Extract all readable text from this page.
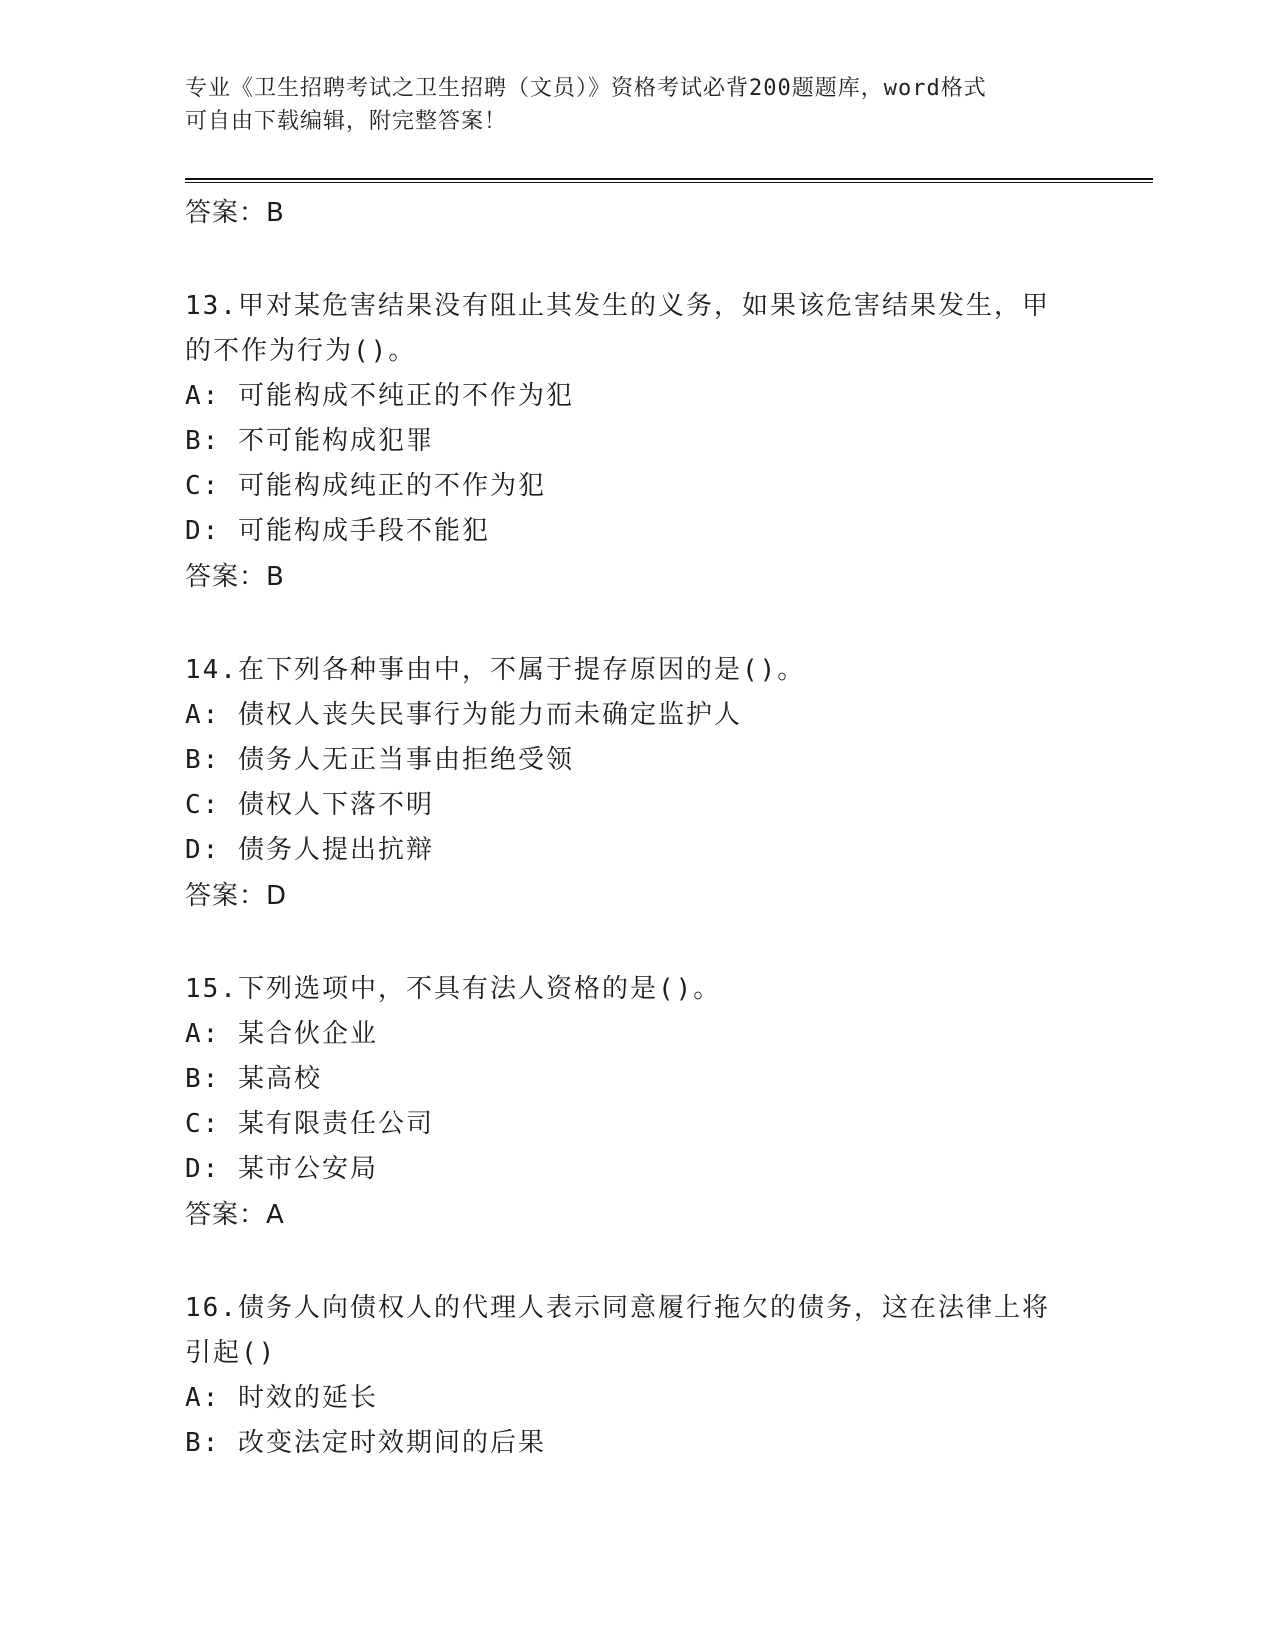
专业《卫生招聘考试之卫生招聘（文员）》资格考试必背200题题库，word格式
可自由下载编辑，附完整答案！
答案：B
13.甲对某危害结果没有阻止其发生的义务，如果该危害结果发生，甲
的不作为行为()。
A: 可能构成不纯正的不作为犯
B: 不可能构成犯罪
C: 可能构成纯正的不作为犯
D: 可能构成手段不能犯
答案：B
14.在下列各种事由中，不属于提存原因的是()。
A: 债权人丧失民事行为能力而未确定监护人
B: 债务人无正当事由拒绝受领
C: 债权人下落不明
D: 债务人提出抗辩
答案：D
15.下列选项中，不具有法人资格的是()。
A: 某合伙企业
B: 某高校
C: 某有限责任公司
D: 某市公安局
答案：A
16.债务人向债权人的代理人表示同意履行拖欠的债务，这在法律上将
引起()
A: 时效的延长
B: 改变法定时效期间的后果
